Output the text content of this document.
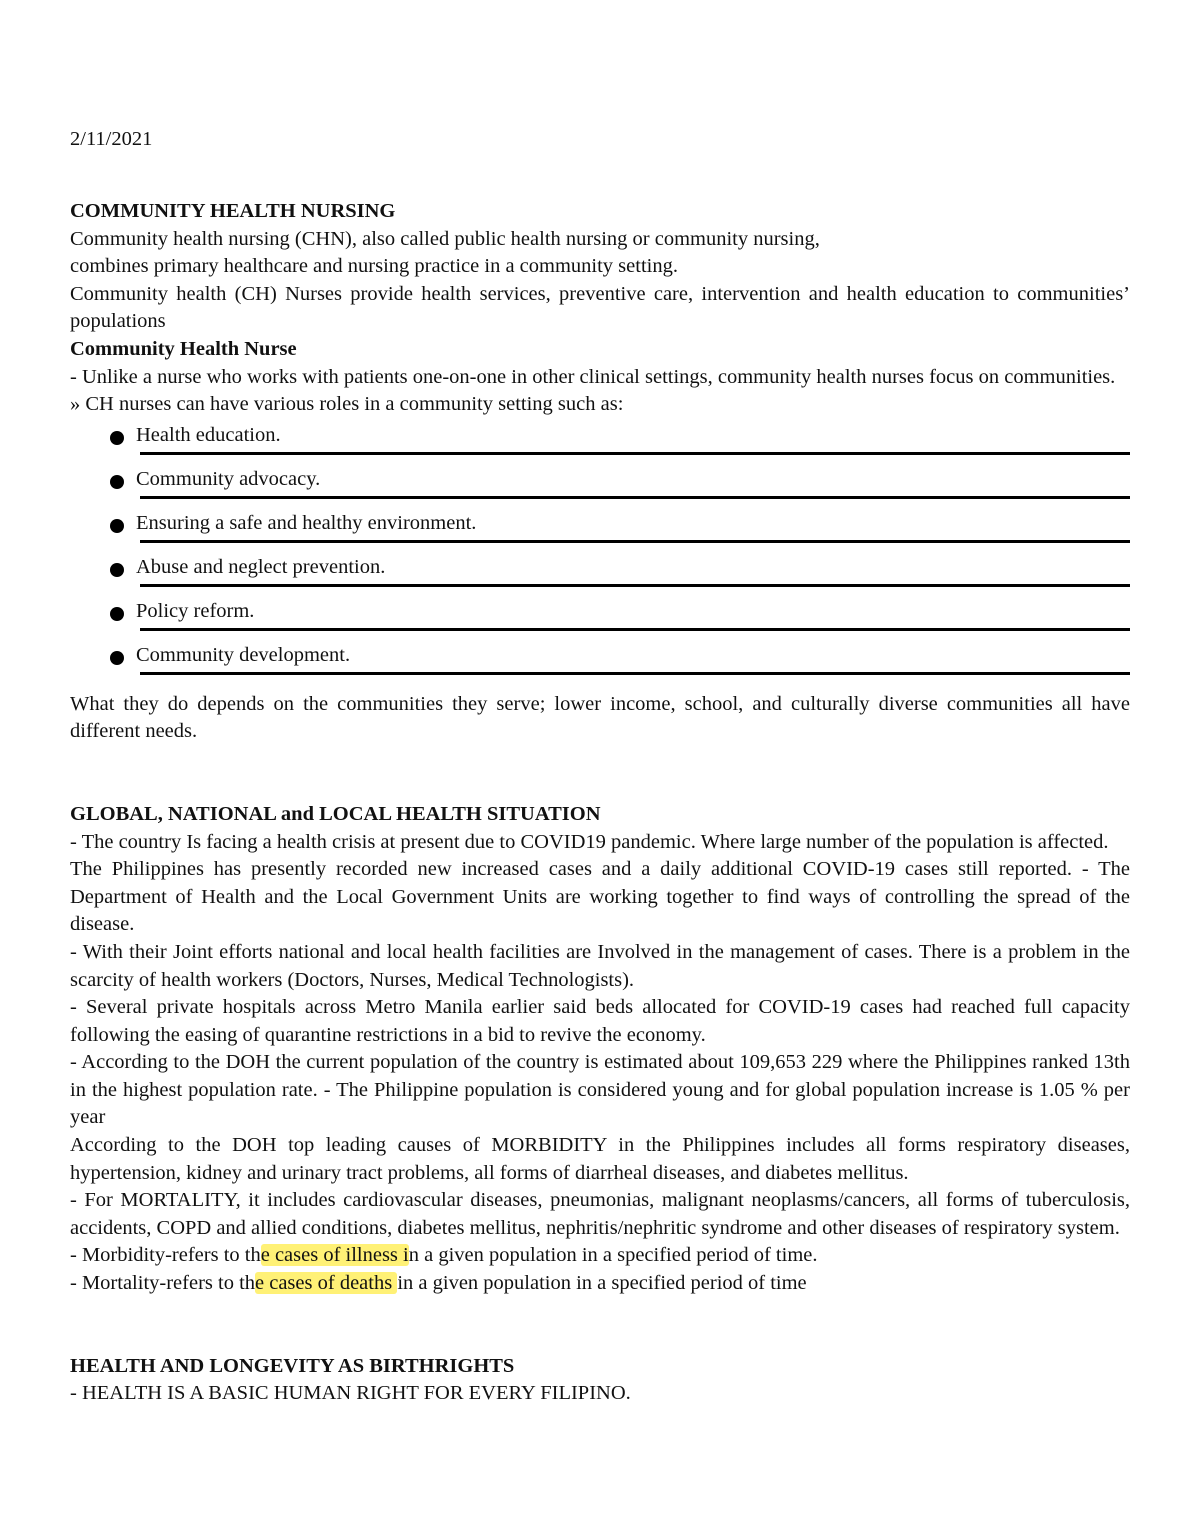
2/11/2021

COMMUNITY HEALTH NURSING

Community health nursing (CHN), also called public health nursing or community nursing,

combines primary healthcare and nursing practice in a community setting.

Community health (CH) Nurses provide health services, preventive care, intervention and health education to communities’ populations

Community Health Nurse

- Unlike a nurse who works with patients one-on-one in other clinical settings, community health nurses focus on communities.

» CH nurses can have various roles in a community setting such as:

Health education.
Community advocacy.
Ensuring a safe and healthy environment.
Abuse and neglect prevention.
Policy reform.
Community development.

What they do depends on the communities they serve; lower income, school, and culturally diverse communities all have different needs.

GLOBAL, NATIONAL and LOCAL HEALTH SITUATION

- The country Is facing a health crisis at present due to COVID19 pandemic. Where large number of the population is affected.

The Philippines has presently recorded new increased cases and a daily additional COVID-19 cases still reported. - The Department of Health and the Local Government Units are working together to find ways of controlling the spread of the disease.

- With their Joint efforts national and local health facilities are Involved in the management of cases. There is a problem in the scarcity of health workers (Doctors, Nurses, Medical Technologists).

- Several private hospitals across Metro Manila earlier said beds allocated for COVID-19 cases had reached full capacity following the easing of quarantine restrictions in a bid to revive the economy.

- According to the DOH the current population of the country is estimated about 109,653 229 where the Philippines ranked 13th in the highest population rate. - The Philippine population is considered young and for global population increase is 1.05 % per year

According to the DOH top leading causes of MORBIDITY in the Philippines includes all forms respiratory diseases, hypertension, kidney and urinary tract problems, all forms of diarrheal diseases, and diabetes mellitus.

- For MORTALITY, it includes cardiovascular diseases, pneumonias, malignant neoplasms/cancers, all forms of tuberculosis, accidents, COPD and allied conditions, diabetes mellitus, nephritis/nephritic syndrome and other diseases of respiratory system.

- Morbidity-refers to the cases of illness in a given population in a specified period of time.

- Mortality-refers to the cases of deaths in a given population in a specified period of time

HEALTH AND LONGEVITY AS BIRTHRIGHTS

- HEALTH IS A BASIC HUMAN RIGHT FOR EVERY FILIPINO.
